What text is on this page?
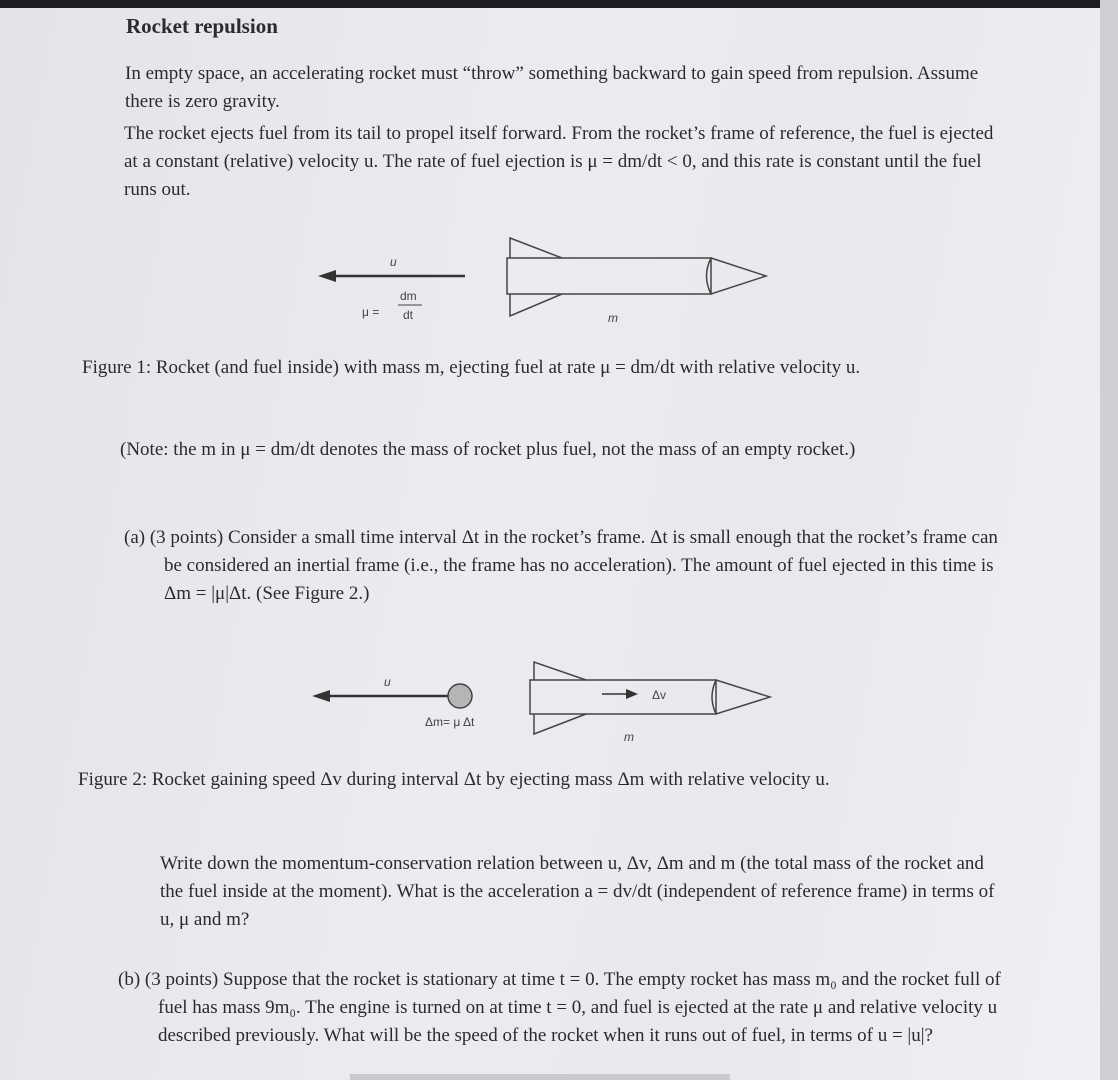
Rocket repulsion
In empty space, an accelerating rocket must “throw” something backward to gain speed from repulsion. Assume there is zero gravity.
The rocket ejects fuel from its tail to propel itself forward. From the rocket’s frame of reference, the fuel is ejected at a constant (relative) velocity u. The rate of fuel ejection is μ = dm/dt < 0, and this rate is constant until the fuel runs out.
u
μ =
dm
dt	m
Figure 1: Rocket (and fuel inside) with mass m, ejecting fuel at rate μ = dm/dt with relative velocity u.
(Note: the m in μ = dm/dt denotes the mass of rocket plus fuel, not the mass of an empty rocket.)
(a) (3 points) Consider a small time interval Δt in the rocket’s frame. Δt is small enough that the rocket’s frame can be considered an inertial frame (i.e., the frame has no acceleration). The amount of fuel ejected in this time is Δm = |μ|Δt. (See Figure 2.)
u
Δm= μ Δt
Δv
m
Figure 2: Rocket gaining speed Δv during interval Δt by ejecting mass Δm with relative velocity u.
Write down the momentum-conservation relation between u, Δv, Δm and m (the total mass of the rocket and the fuel inside at the moment). What is the acceleration a = dv/dt (independent of reference frame) in terms of u, μ and m?
(b) (3 points) Suppose that the rocket is stationary at time t = 0. The empty rocket has mass m₀ and the rocket full of fuel has mass 9m₀. The engine is turned on at time t = 0, and fuel is ejected at the rate μ and relative velocity u described previously. What will be the speed of the rocket when it runs out of fuel, in terms of u = |u|?
